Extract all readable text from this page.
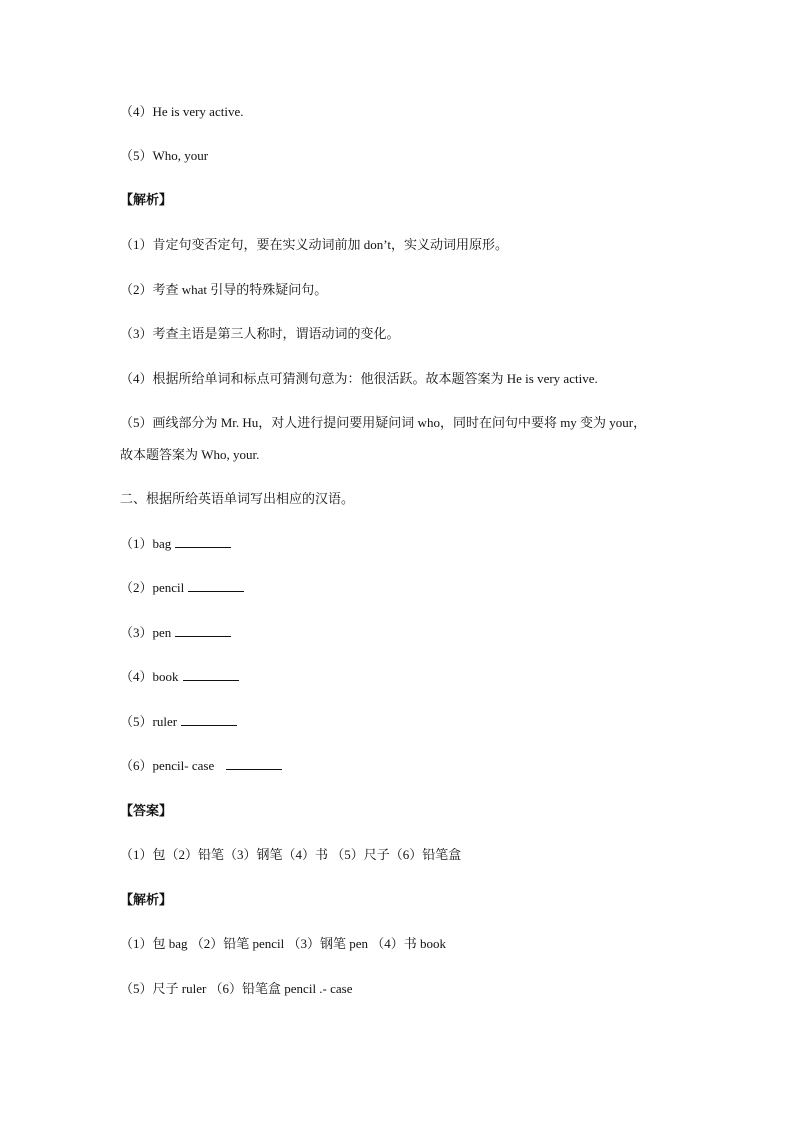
（4）He is very active.
（5）Who, your
【解析】
（1）肯定句变否定句，要在实义动词前加 don’t，实义动词用原形。
（2）考查 what 引导的特殊疑问句。
（3）考查主语是第三人称时，谓语动词的变化。
（4）根据所给单词和标点可猜测句意为：他很活跃。故本题答案为 He is very active.
（5）画线部分为 Mr. Hu，对人进行提问要用疑问词 who，同时在问句中要将 my 变为 your，
故本题答案为 Who, your.
二、根据所给英语单词写出相应的汉语。
（1）bag
（2）pencil
（3）pen
（4）book
（5）ruler
（6）pencil- case
【答案】
（1）包（2）铅笔（3）钢笔（4）书 （5）尺子（6）铅笔盒
【解析】
（1）包 bag （2）铅笔 pencil （3）钢笔 pen （4）书 book
（5）尺子 ruler （6）铅笔盒 pencil .- case
